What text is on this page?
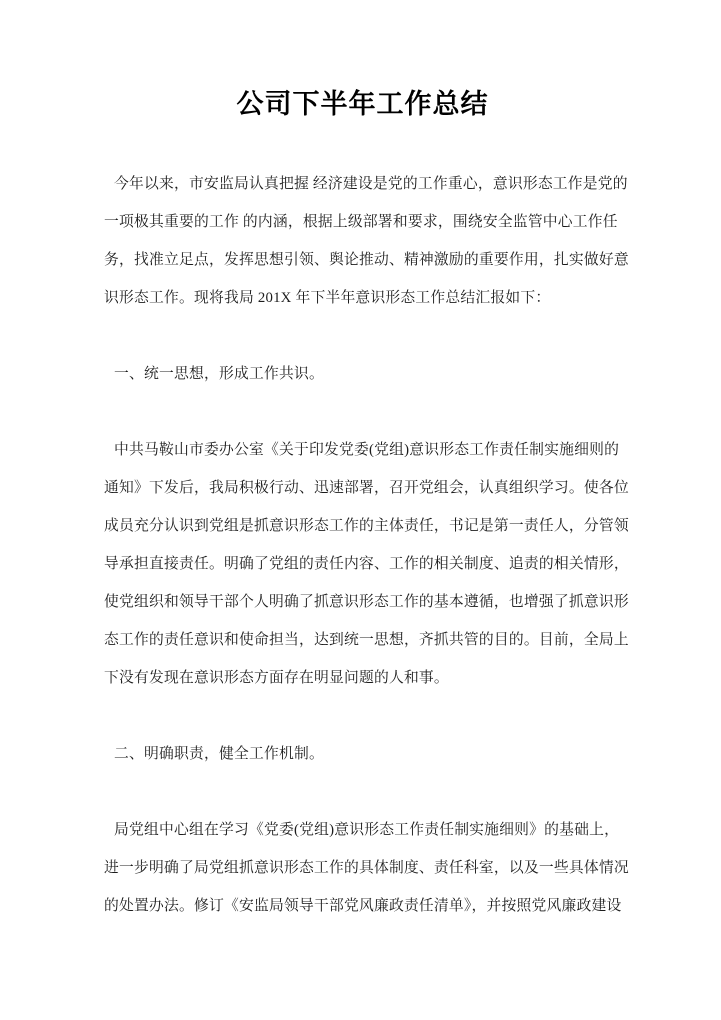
公司下半年工作总结
今年以来，市安监局认真把握 经济建设是党的工作重心，意识形态工作是党的
一项极其重要的工作 的内涵，根据上级部署和要求，围绕安全监管中心工作任
务，找准立足点，发挥思想引领、舆论推动、精神激励的重要作用，扎实做好意
识形态工作。现将我局 201X 年下半年意识形态工作总结汇报如下：
一、统一思想，形成工作共识。
中共马鞍山市委办公室《关于印发党委(党组)意识形态工作责任制实施细则的
通知》下发后，我局积极行动、迅速部署，召开党组会，认真组织学习。使各位
成员充分认识到党组是抓意识形态工作的主体责任，书记是第一责任人，分管领
导承担直接责任。明确了党组的责任内容、工作的相关制度、追责的相关情形，
使党组织和领导干部个人明确了抓意识形态工作的基本遵循，也增强了抓意识形
态工作的责任意识和使命担当，达到统一思想，齐抓共管的目的。目前，全局上
下没有发现在意识形态方面存在明显问题的人和事。
二、明确职责，健全工作机制。
局党组中心组在学习《党委(党组)意识形态工作责任制实施细则》的基础上，
进一步明确了局党组抓意识形态工作的具体制度、责任科室，以及一些具体情况
的处置办法。修订《安监局领导干部党风廉政责任清单》，并按照党风廉政建设
